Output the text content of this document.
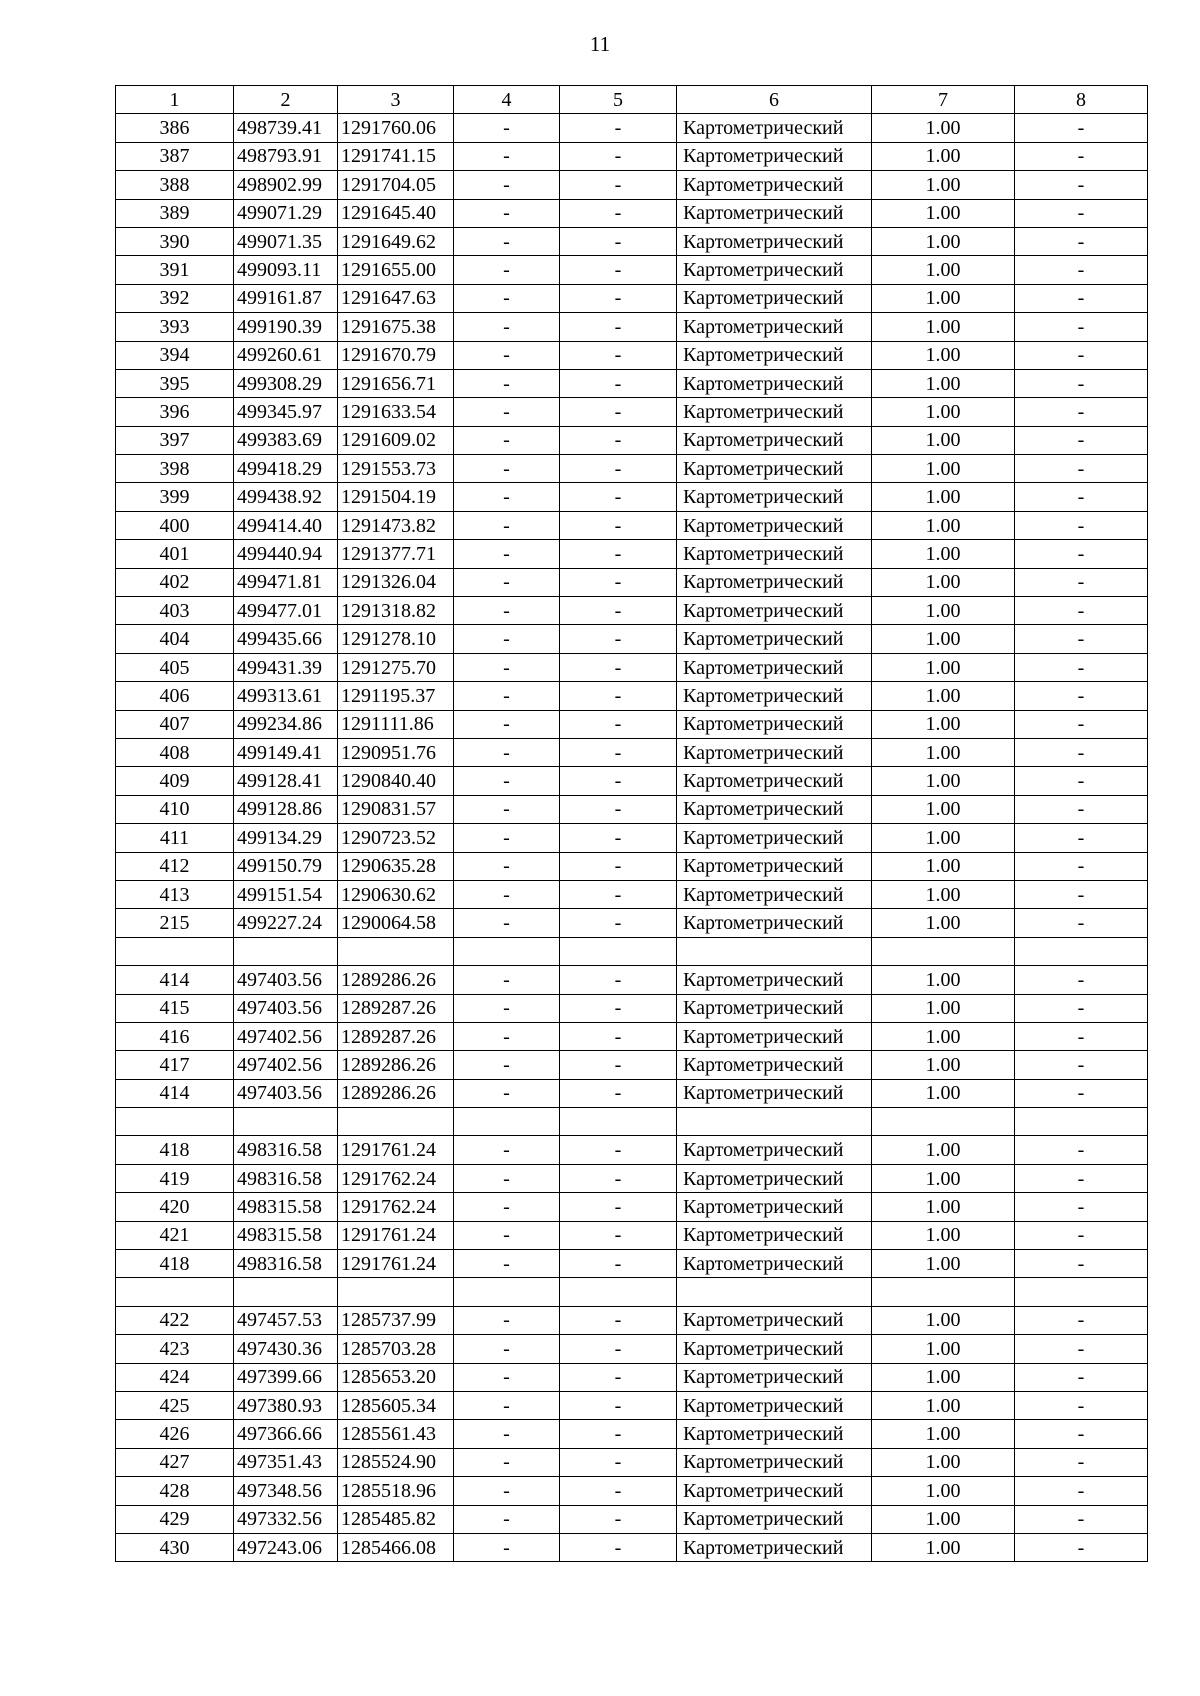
11
1	2	3	4	5	6	7	8
386	498739.41	1291760.06	-	-	Картометрический	1.00	-
387	498793.91	1291741.15	-	-	Картометрический	1.00	-
388	498902.99	1291704.05	-	-	Картометрический	1.00	-
389	499071.29	1291645.40	-	-	Картометрический	1.00	-
390	499071.35	1291649.62	-	-	Картометрический	1.00	-
391	499093.11	1291655.00	-	-	Картометрический	1.00	-
392	499161.87	1291647.63	-	-	Картометрический	1.00	-
393	499190.39	1291675.38	-	-	Картометрический	1.00	-
394	499260.61	1291670.79	-	-	Картометрический	1.00	-
395	499308.29	1291656.71	-	-	Картометрический	1.00	-
396	499345.97	1291633.54	-	-	Картометрический	1.00	-
397	499383.69	1291609.02	-	-	Картометрический	1.00	-
398	499418.29	1291553.73	-	-	Картометрический	1.00	-
399	499438.92	1291504.19	-	-	Картометрический	1.00	-
400	499414.40	1291473.82	-	-	Картометрический	1.00	-
401	499440.94	1291377.71	-	-	Картометрический	1.00	-
402	499471.81	1291326.04	-	-	Картометрический	1.00	-
403	499477.01	1291318.82	-	-	Картометрический	1.00	-
404	499435.66	1291278.10	-	-	Картометрический	1.00	-
405	499431.39	1291275.70	-	-	Картометрический	1.00	-
406	499313.61	1291195.37	-	-	Картометрический	1.00	-
407	499234.86	1291111.86	-	-	Картометрический	1.00	-
408	499149.41	1290951.76	-	-	Картометрический	1.00	-
409	499128.41	1290840.40	-	-	Картометрический	1.00	-
410	499128.86	1290831.57	-	-	Картометрический	1.00	-
411	499134.29	1290723.52	-	-	Картометрический	1.00	-
412	499150.79	1290635.28	-	-	Картометрический	1.00	-
413	499151.54	1290630.62	-	-	Картометрический	1.00	-
215	499227.24	1290064.58	-	-	Картометрический	1.00	-

414	497403.56	1289286.26	-	-	Картометрический	1.00	-
415	497403.56	1289287.26	-	-	Картометрический	1.00	-
416	497402.56	1289287.26	-	-	Картометрический	1.00	-
417	497402.56	1289286.26	-	-	Картометрический	1.00	-
414	497403.56	1289286.26	-	-	Картометрический	1.00	-

418	498316.58	1291761.24	-	-	Картометрический	1.00	-
419	498316.58	1291762.24	-	-	Картометрический	1.00	-
420	498315.58	1291762.24	-	-	Картометрический	1.00	-
421	498315.58	1291761.24	-	-	Картометрический	1.00	-
418	498316.58	1291761.24	-	-	Картометрический	1.00	-

422	497457.53	1285737.99	-	-	Картометрический	1.00	-
423	497430.36	1285703.28	-	-	Картометрический	1.00	-
424	497399.66	1285653.20	-	-	Картометрический	1.00	-
425	497380.93	1285605.34	-	-	Картометрический	1.00	-
426	497366.66	1285561.43	-	-	Картометрический	1.00	-
427	497351.43	1285524.90	-	-	Картометрический	1.00	-
428	497348.56	1285518.96	-	-	Картометрический	1.00	-
429	497332.56	1285485.82	-	-	Картометрический	1.00	-
430	497243.06	1285466.08	-	-	Картометрический	1.00	-
